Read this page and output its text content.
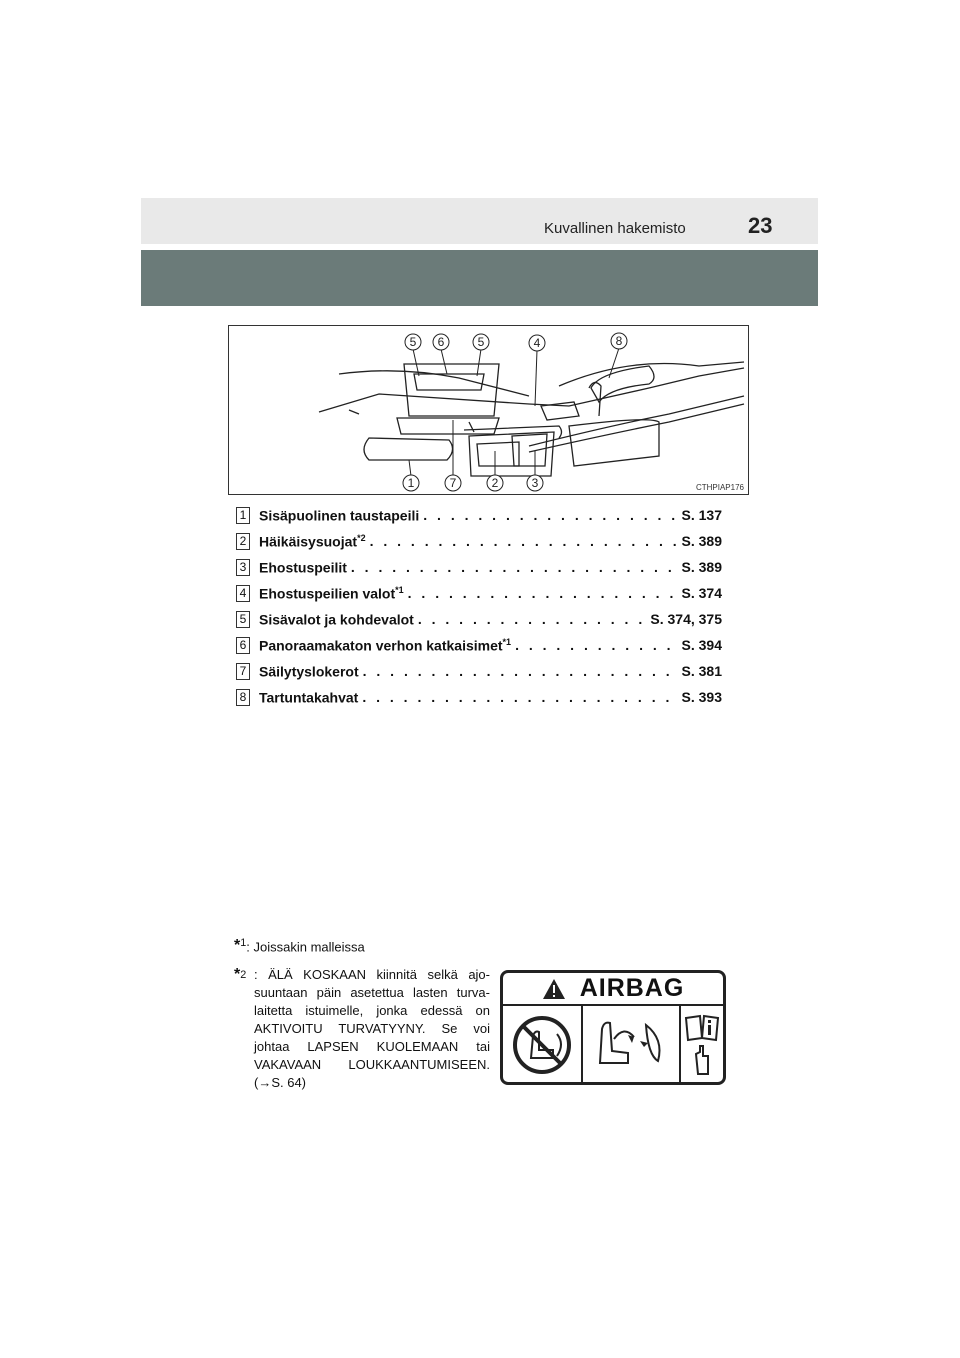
Kuvallinen hakemisto	23
5 6	5	4	8
1	7	2	3	CTHPIAP176
1 Sisäpuolinen taustapeili . . .	S. 137
2 Häikäisysuojat$^{*2}$ . . .	S. 389
3 Ehostuspeilit . . .	S. 389
4 Ehostuspeilien valot$^{*1}$ . . .	S. 374
5 Sisävalot ja kohdevalot . . .	S. 374, 375
6 Panoraamakaton verhon katkaisimet$^{*1}$ . . .	S. 394
7 Säilytyslokerot . . .	S. 381
8 Tartuntakahvat . . .	S. 393
*$^1$: Joissakin malleissa
*$^2$ : ÄLÄ KOSKAAN kiinnitä selkä ajo-suuntaan päin asetettua lasten turva-laitetta istuimelle, jonka edessä on AKTIVOITU TURVATYYNY. Se voi johtaa LAPSEN KUOLEMAAN tai VAKAVAAN LOUKKAANTUMISEEN. (→S. 64)
AIRBAG
